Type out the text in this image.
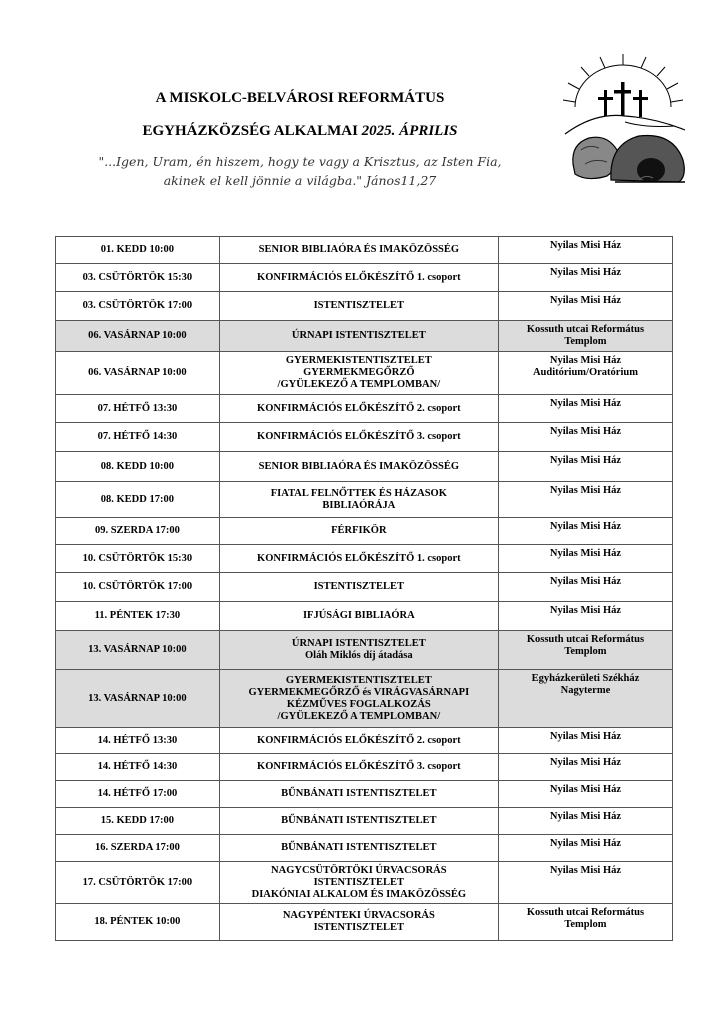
A MISKOLC-BELVÁROSI REFORMÁTUS

EGYHÁZKÖZSÉG ALKALMAI 2025. ÁPRILIS

"...Igen, Uram, én hiszem, hogy te vagy a Krisztus, az Isten Fia,
akinek el kell jönnie a világba." János11,27
01. KEDD 10:00	SENIOR BIBLIAÓRA ÉS IMAKÖZÖSSÉG	Nyilas Misi Ház

03. CSÜTÖRTÖK 15:30	KONFIRMÁCIÓS ELŐKÉSZÍTŐ 1. csoport	Nyilas Misi Ház

03. CSÜTÖRTÖK 17:00	ISTENTISZTELET	Nyilas Misi Ház

06. VASÁRNAP 10:00	ÚRNAPI ISTENTISZTELET	Kossuth utcai Református
Templom

06. VASÁRNAP 10:00	GYERMEKISTENTISZTELET
GYERMEKMEGŐRZŐ
/GYÜLEKEZŐ A TEMPLOMBAN/	Nyilas Misi Ház
Auditórium/Oratórium

07. HÉTFŐ 13:30	KONFIRMÁCIÓS ELŐKÉSZÍTŐ 2. csoport	Nyilas Misi Ház

07. HÉTFŐ 14:30	KONFIRMÁCIÓS ELŐKÉSZÍTŐ 3. csoport	Nyilas Misi Ház

08. KEDD 10:00	SENIOR BIBLIAÓRA ÉS IMAKÖZÖSSÉG	Nyilas Misi Ház

08. KEDD 17:00	FIATAL FELNŐTTEK ÉS HÁZASOK
BIBLIAÓRÁJA	Nyilas Misi Ház

09. SZERDA 17:00	FÉRFIKÖR	Nyilas Misi Ház

10. CSÜTÖRTÖK 15:30	KONFIRMÁCIÓS ELŐKÉSZÍTŐ 1. csoport	Nyilas Misi Ház

10. CSÜTÖRTÖK 17:00	ISTENTISZTELET	Nyilas Misi Ház

11. PÉNTEK 17:30	IFJÚSÁGI BIBLIAÓRA	Nyilas Misi Ház

13. VASÁRNAP 10:00	ÚRNAPI ISTENTISZTELET
Oláh Miklós díj átadása	Kossuth utcai Református
Templom

13. VASÁRNAP 10:00	GYERMEKISTENTISZTELET
GYERMEKMEGŐRZŐ és VIRÁGVASÁRNAPI
KÉZMŰVES FOGLALKOZÁS
/GYÜLEKEZŐ A TEMPLOMBAN/	Egyházkerületi Székház
Nagyterme

14. HÉTFŐ 13:30	KONFIRMÁCIÓS ELŐKÉSZÍTŐ 2. csoport	Nyilas Misi Ház

14. HÉTFŐ 14:30	KONFIRMÁCIÓS ELŐKÉSZÍTŐ 3. csoport	Nyilas Misi Ház

14. HÉTFŐ 17:00	BŰNBÁNATI ISTENTISZTELET	Nyilas Misi Ház

15. KEDD 17:00	BŰNBÁNATI ISTENTISZTELET	Nyilas Misi Ház

16. SZERDA 17:00	BŰNBÁNATI ISTENTISZTELET	Nyilas Misi Ház

17. CSÜTÖRTÖK 17:00	NAGYCSÜTÖRTÖKI ÚRVACSORÁS
ISTENTISZTELET
DIAKÓNIAI ALKALOM ÉS IMAKÖZÖSSÉG	Nyilas Misi Ház

18. PÉNTEK 10:00	NAGYPÉNTEKI ÚRVACSORÁS
ISTENTISZTELET	Kossuth utcai Református
Templom
